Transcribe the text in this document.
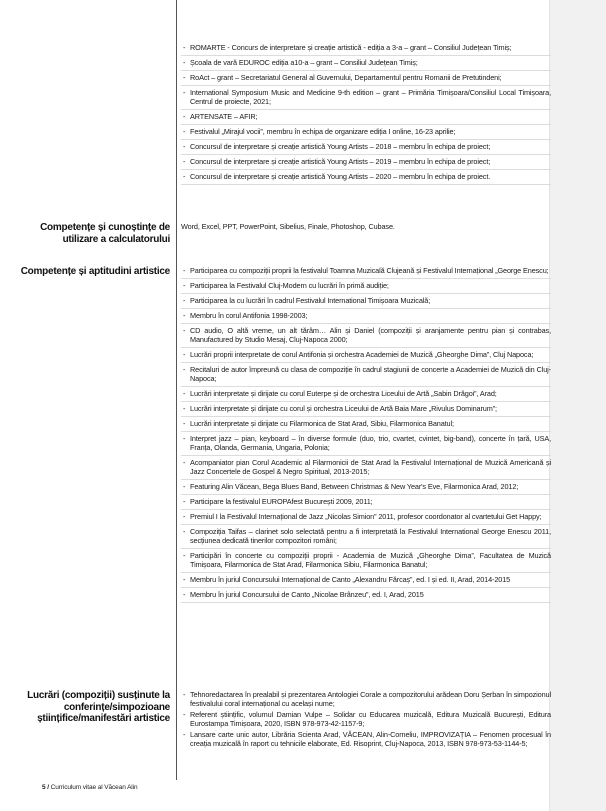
- ROMARTE - Concurs de interpretare și creație artistică - ediția a 3-a – grant – Consiliul Județean Timiș;
- Școala de vară EDUROC ediția a10-a – grant – Consiliul Județean Timiș;
- RoAct – grant – Secretariatul General al Guvernului, Departamentul pentru Romanii de Pretutindeni;
- International Symposium Music and Medicine 9-th edition – grant – Primăria Timișoara/Consiliul Local Timișoara, Centrul de proiecte, 2021;
- ARTENSATE – AFIR;
- Festivalul „Mirajul vocii”, membru în echipa de organizare ediția I online, 16-23 aprilie;
- Concursul de interpretare și creație artistică Young Artists – 2018 – membru în echipa de proiect;
- Concursul de interpretare și creație artistică Young Artists – 2019 – membru în echipa de proiect;
- Concursul de interpretare și creație artistică Young Artists – 2020 – membru în echipa de proiect.
Competențe și cunoștințe de utilizare a calculatorului
Word, Excel, PPT, PowerPoint, Sibelius, Finale, Photoshop, Cubase.
Competențe și aptitudini artistice
-	Participarea cu compoziții proprii la festivalul Toamna Muzicală Clujeană și Festivalul Internațional „George Enescu;
- Participarea la Festivalul Cluj-Modern cu lucrări în primă audiție;
- Participarea la cu lucrări în cadrul Festivalul International Timișoara Muzicală;
- Membru în corul Antifonia 1998-2003;
- CD audio, O altă vreme, un alt tărâm… Alin și Daniel (compoziții și aranjamente pentru pian și contrabas, Manufactured by Studio Mesaj, Cluj-Napoca 2000;
- Lucrări proprii interpretate de corul Antifonia și orchestra Academiei de Muzică „Gheorghe Dima”, Cluj Napoca;
- Recitaluri de autor împreună cu clasa de compoziție în cadrul stagiunii de concerte a Academiei de Muzică din Cluj-Napoca;
- Lucrări interpretate și dirijate cu corul Euterpe și de orchestra Liceului de Artă „Sabin Drăgoi”, Arad;
- Lucrări interpretate și dirijate cu corul și orchestra Liceului de Artă Baia Mare „Rivulus Dominarum”;
- Lucrări interpretate și dirijate cu Filarmonica de Stat Arad, Sibiu, Filarmonica Banatul;
- Interpret jazz – pian, keyboard – în diverse formule (duo, trio, cvartet, cvintet, big-band), concerte în țară, USA, Franța, Olanda, Germania, Ungaria, Polonia;
- Acompaniator pian Corul Academic al Filarmonicii de Stat Arad la Festivalul Internațional de Muzică Americană și Jazz Concertele de Gospel & Negro Spiritual, 2013-2015;
- Featuring Alin Văcean, Bega Blues Band, Between Christmas & New Year's Eve, Filarmonica Arad, 2012;
- Participare la festivalul EUROPAfest București 2009, 2011;
- Premiul I la Festivalul Internațional de Jazz „Nicolas Simion” 2011, profesor coordonator al cvartetului Get Happy;
- Compoziția Taifas – clarinet solo selectată pentru a fi interpretată la Festivalul International George Enescu 2011, secțiunea dedicată tinerilor compozitori români;
- Participări în concerte cu compoziții proprii - Academia de Muzică „Gheorghe Dima”, Facultatea de Muzică Timișoara, Filarmonica de Stat Arad, Filarmonica Sibiu, Filarmonica Banatul;
- Membru în juriul Concursului Internațional de Canto „Alexandru Fărcaș”, ed. I și ed. II, Arad, 2014-2015
- Membru în juriul Concursului de Canto „Nicolae Brânzeu”, ed. I, Arad, 2015
Lucrări (compoziții) susținute la conferințe/simpozioane științifice/manifestări artistice
- Tehnoredactarea în prealabil și prezentarea Antologiei Corale a compozitorului arădean Doru Șerban în simpozionul festivalului coral internațional cu același nume;
- Referent științific, volumul Damian Vulpe – Solidar cu Educarea muzicală, Editura Muzicală București, Editura Eurostampa Timișoara, 2020, ISBN 978-973-42-1157-9;
- Lansare carte unic autor, Librăria Scienta Arad, VĂCEAN, Alin-Corneliu, IMPROVIZAȚIA – Fenomen procesual în creația muzicală în raport cu tehnicile elaborate, Ed. Risoprint, Cluj-Napoca, 2013, ISBN 978-973-53-1144-5;
5 / Curriculum vitae al Văcean Alin
